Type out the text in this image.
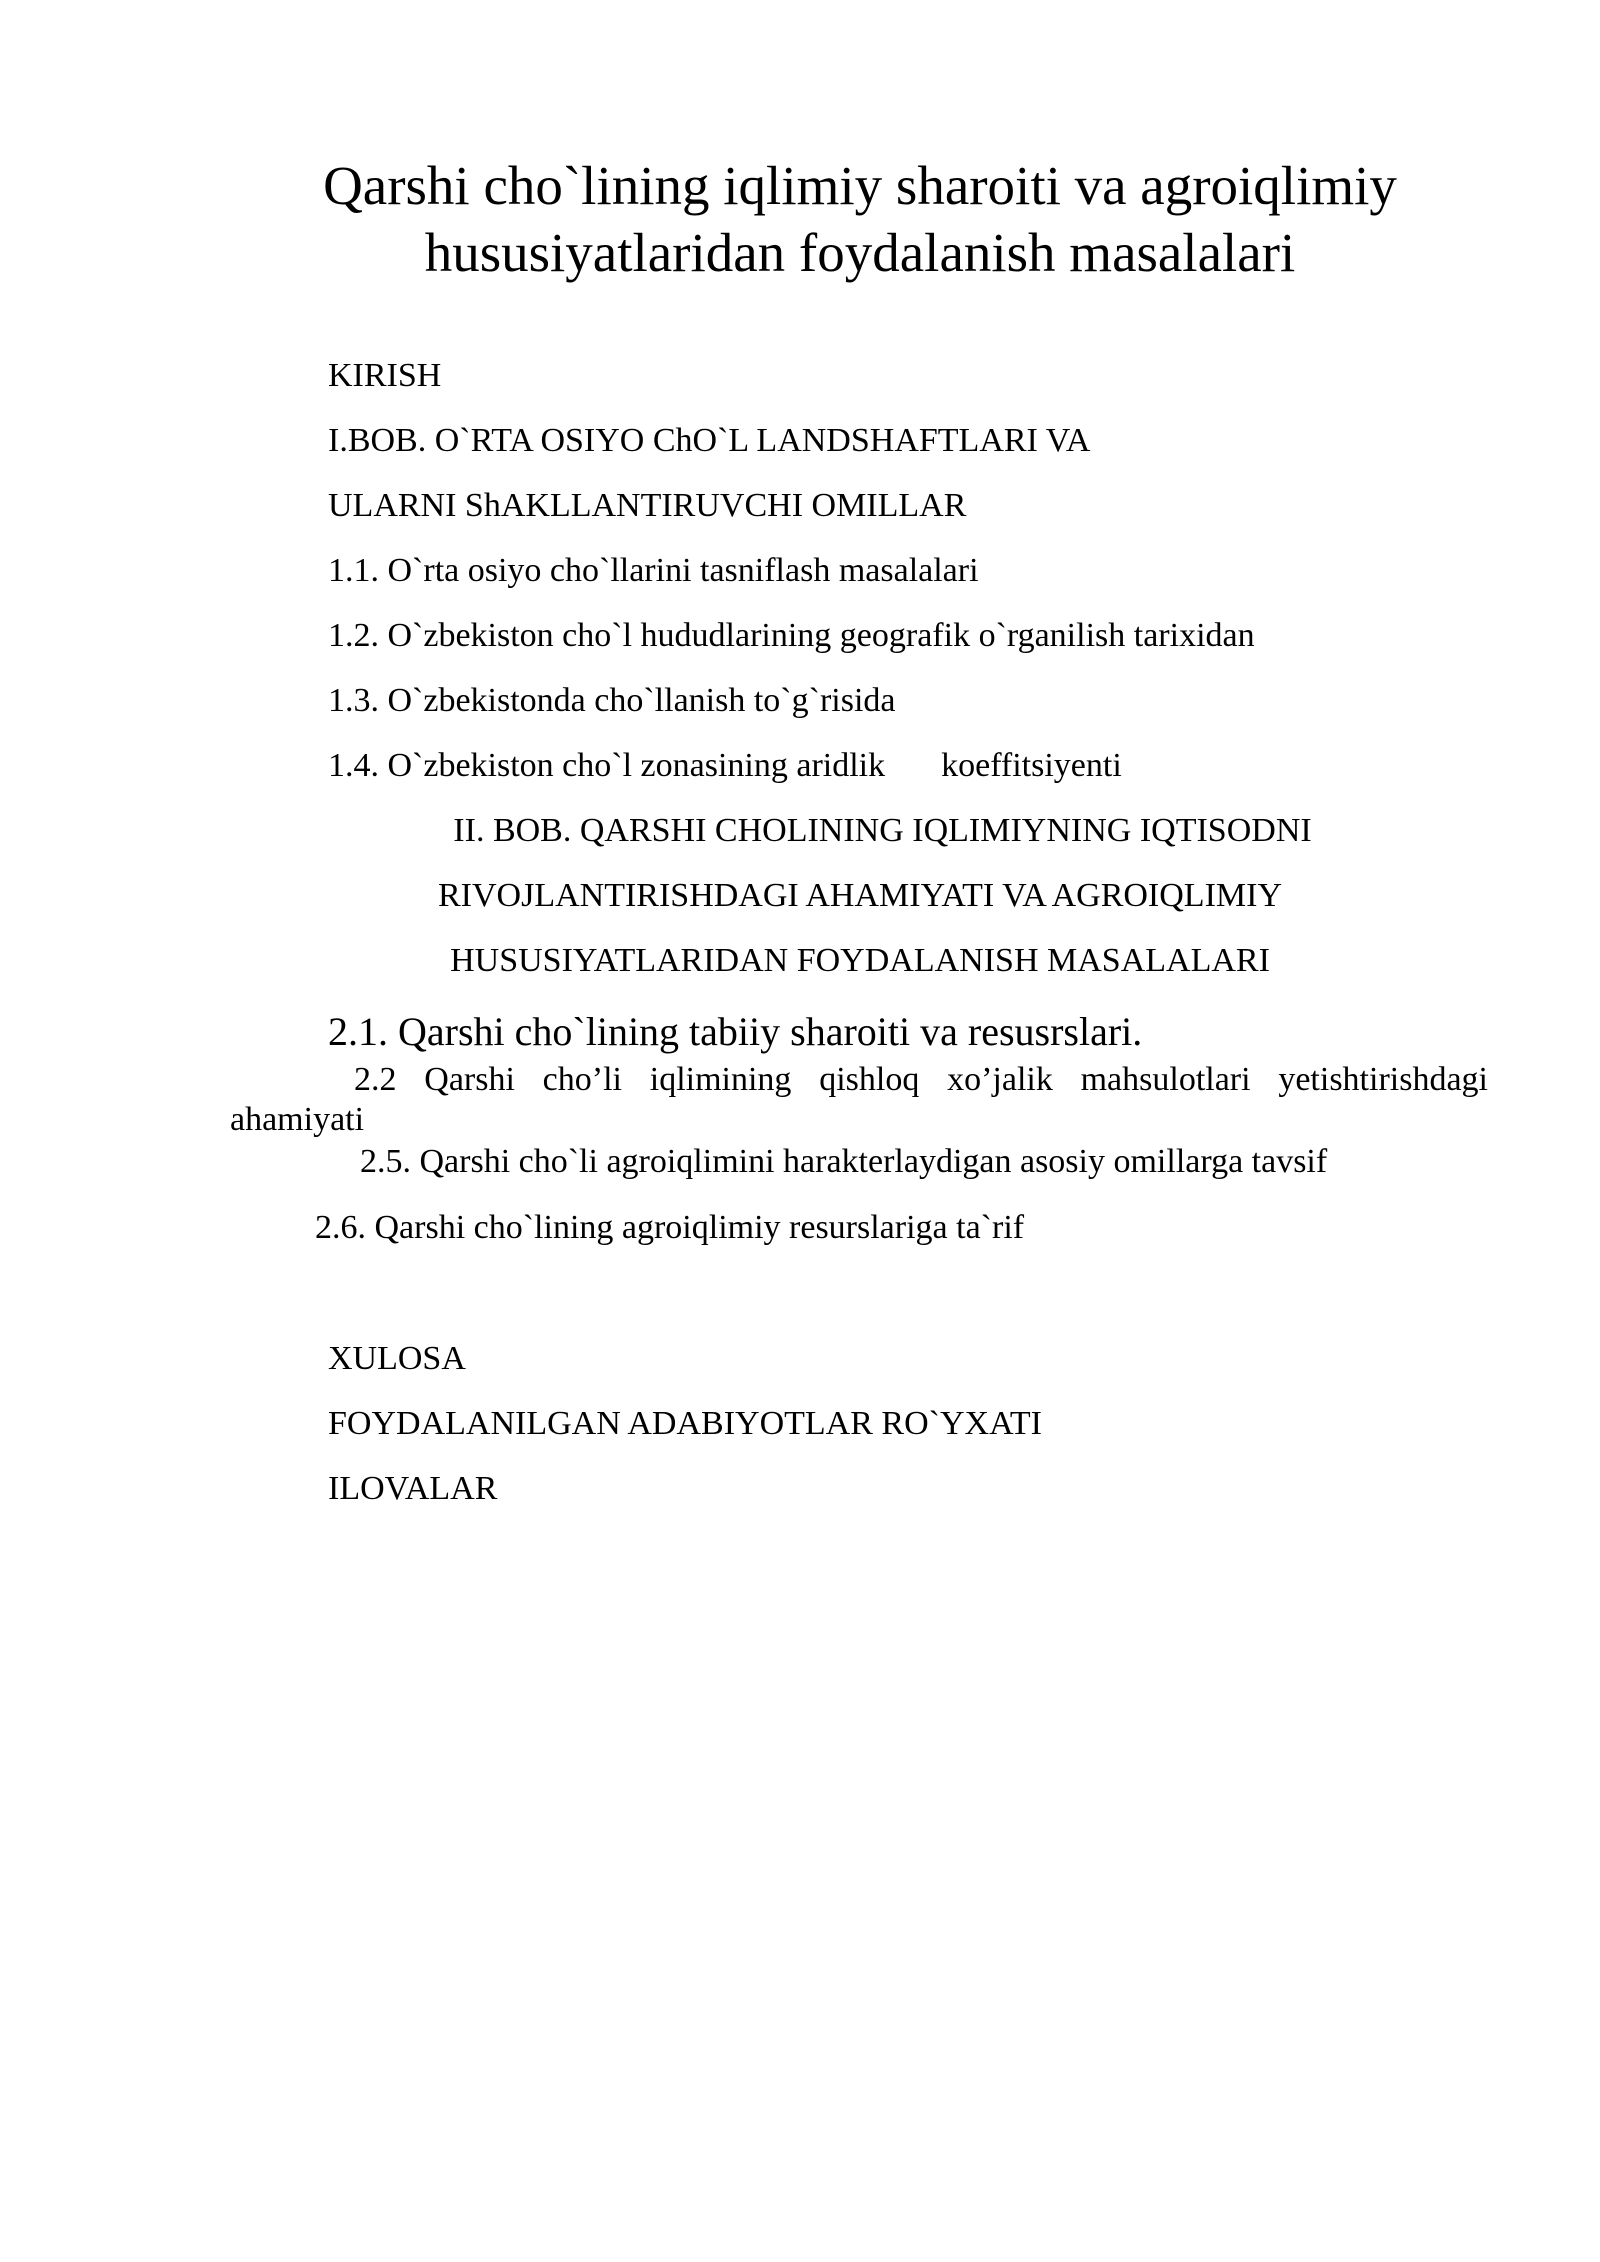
Qarshi cho`lining iqlimiy sharoiti va agroiqlimiy
hususiyatlaridan foydalanish masalalari

KIRISH

I.BOB. O`RTA OSIYO ChO`L LANDSHAFTLARI VA

ULARNI ShAKLLANTIRUVCHI OMILLAR

1.1. O`rta osiyo cho`llarini tasniflash masalalari

1.2. O`zbekiston cho`l hududlarining geografik o`rganilish tarixidan

1.3. O`zbekistonda cho`llanish to`g`risida

1.4. O`zbekiston cho`l zonasining aridlik koeffitsiyenti

II. BOB. QARSHI CHOLINING IQLIMIYNING IQTISODNI

RIVOJLANTIRISHDAGI AHAMIYATI VA AGROIQLIMIY

HUSUSIYATLARIDAN FOYDALANISH MASALALARI

2.1. Qarshi cho`lining tabiiy sharoiti va resusrslari.

2.2 Qarshi cho’li iqlimining qishloq xo’jalik mahsulotlari yetishtirishdagi ahamiyati

2.5. Qarshi cho`li agroiqlimini harakterlaydigan asosiy omillarga tavsif

2.6. Qarshi cho`lining agroiqlimiy resurslariga ta`rif

XULOSA

FOYDALANILGAN ADABIYOTLAR RO`YXATI

ILOVALAR
